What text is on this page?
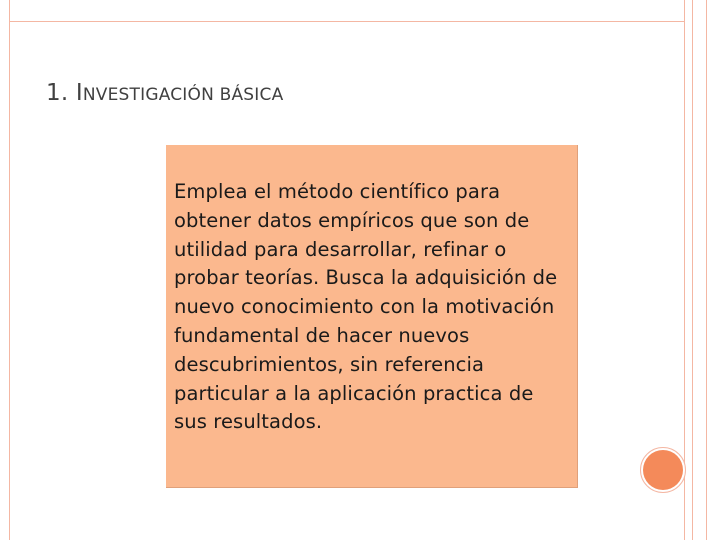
1. INVESTIGACIÓN BÁSICA
Emplea el método científico para obtener datos empíricos que son de utilidad para desarrollar, refinar o probar teorías. Busca la adquisición de nuevo conocimiento con la motivación fundamental de hacer nuevos descubrimientos, sin referencia particular a la aplicación practica de sus resultados.
